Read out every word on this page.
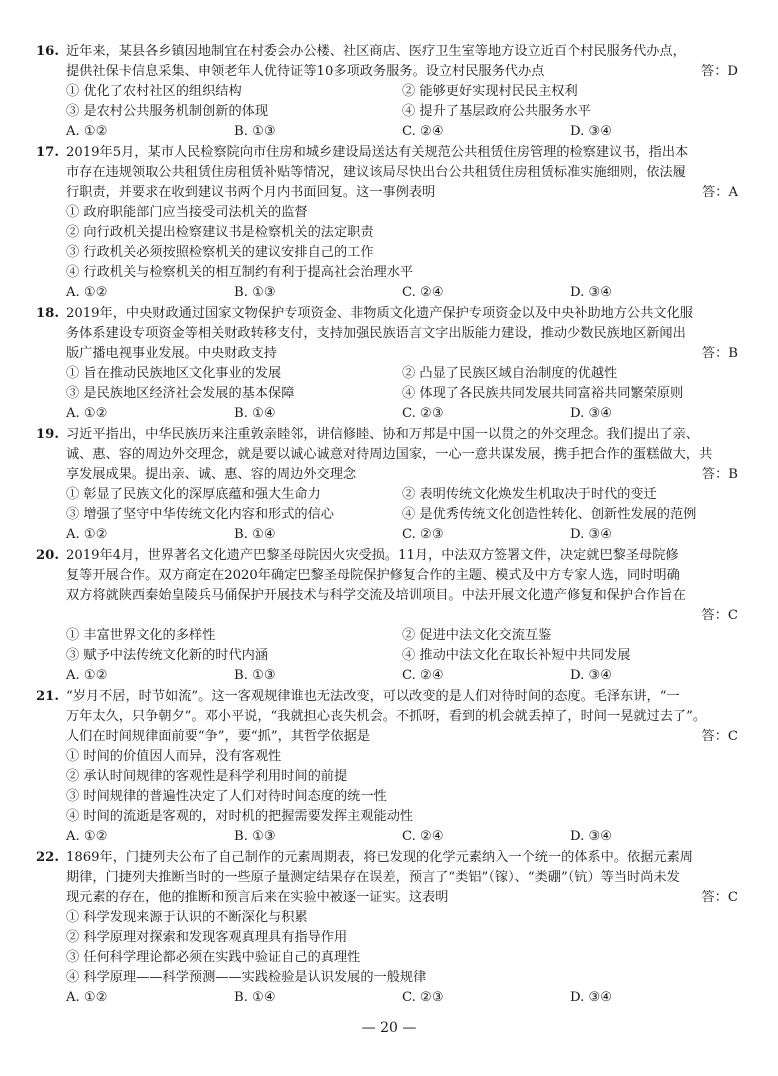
16. 近年来，某县各乡镇因地制宜在村委会办公楼、社区商店、医疗卫生室等地方设立近百个村民服务代办点，
提供社保卡信息采集、申领老年人优待证等10多项政务服务。设立村民服务代办点	答：D
① 优化了农村社区的组织结构	② 能够更好实现村民民主权利
③ 是农村公共服务机制创新的体现	④ 提升了基层政府公共服务水平
A. ①②	B. ①③	C. ②④	D. ③④
17. 2019年5月，某市人民检察院向市住房和城乡建设局送达有关规范公共租赁住房管理的检察建议书，指出本
市存在违规领取公共租赁住房租赁补贴等情况，建议该局尽快出台公共租赁住房租赁标准实施细则，依法履
行职责，并要求在收到建议书两个月内书面回复。这一事例表明	答：A
① 政府职能部门应当接受司法机关的监督
② 向行政机关提出检察建议书是检察机关的法定职责
③ 行政机关必须按照检察机关的建议安排自己的工作
④ 行政机关与检察机关的相互制约有利于提高社会治理水平
A. ①②	B. ①③	C. ②④	D. ③④
18. 2019年，中央财政通过国家文物保护专项资金、非物质文化遗产保护专项资金以及中央补助地方公共文化服
务体系建设专项资金等相关财政转移支付，支持加强民族语言文字出版能力建设，推动少数民族地区新闻出
版广播电视事业发展。中央财政支持	答：B
① 旨在推动民族地区文化事业的发展	② 凸显了民族区域自治制度的优越性
③ 是民族地区经济社会发展的基本保障	④ 体现了各民族共同发展共同富裕共同繁荣原则
A. ①②	B. ①④	C. ②③	D. ③④
19. 习近平指出，中华民族历来注重敦亲睦邻，讲信修睦、协和万邦是中国一以贯之的外交理念。我们提出了亲、
诚、惠、容的周边外交理念，就是要以诚心诚意对待周边国家，一心一意共谋发展，携手把合作的蛋糕做大，共
享发展成果。提出亲、诚、惠、容的周边外交理念	答：B
① 彰显了民族文化的深厚底蕴和强大生命力	② 表明传统文化焕发生机取决于时代的变迁
③ 增强了坚守中华传统文化内容和形式的信心	④ 是优秀传统文化创造性转化、创新性发展的范例
A. ①②	B. ①④	C. ②③	D. ③④
20. 2019年4月，世界著名文化遗产巴黎圣母院因火灾受损。11月，中法双方签署文件，决定就巴黎圣母院修
复等开展合作。双方商定在2020年确定巴黎圣母院保护修复合作的主题、模式及中方专家人选，同时明确
双方将就陕西秦始皇陵兵马俑保护开展技术与科学交流及培训项目。中法开展文化遗产修复和保护合作旨在
答：C
① 丰富世界文化的多样性	② 促进中法文化交流互鉴
③ 赋予中法传统文化新的时代内涵	④ 推动中法文化在取长补短中共同发展
A. ①②	B. ①③	C. ②④	D. ③④
21. “岁月不居，时节如流”。这一客观规律谁也无法改变，可以改变的是人们对待时间的态度。毛泽东讲，“一
万年太久，只争朝夕”。邓小平说，“我就担心丧失机会。不抓呀，看到的机会就丢掉了，时间一晃就过去了”。
人们在时间规律面前要“争”，要“抓”，其哲学依据是	答：C
① 时间的价值因人而异，没有客观性
② 承认时间规律的客观性是科学利用时间的前提
③ 时间规律的普遍性决定了人们对待时间态度的统一性
④ 时间的流逝是客观的，对时机的把握需要发挥主观能动性
A. ①②	B. ①③	C. ②④	D. ③④
22. 1869年，门捷列夫公布了自己制作的元素周期表，将已发现的化学元素纳入一个统一的体系中。依据元素周
期律，门捷列夫推断当时的一些原子量测定结果存在误差，预言了“类铝”（镓）、“类硼”（钪）等当时尚未发
现元素的存在，他的推断和预言后来在实验中被逐一证实。这表明	答：C
① 科学发现来源于认识的不断深化与积累
② 科学原理对探索和发现客观真理具有指导作用
③ 任何科学理论都必须在实践中验证自己的真理性
④ 科学原理——科学预测——实践检验是认识发展的一般规律
A. ①②	B. ①④	C. ②③	D. ③④
— 20 —
